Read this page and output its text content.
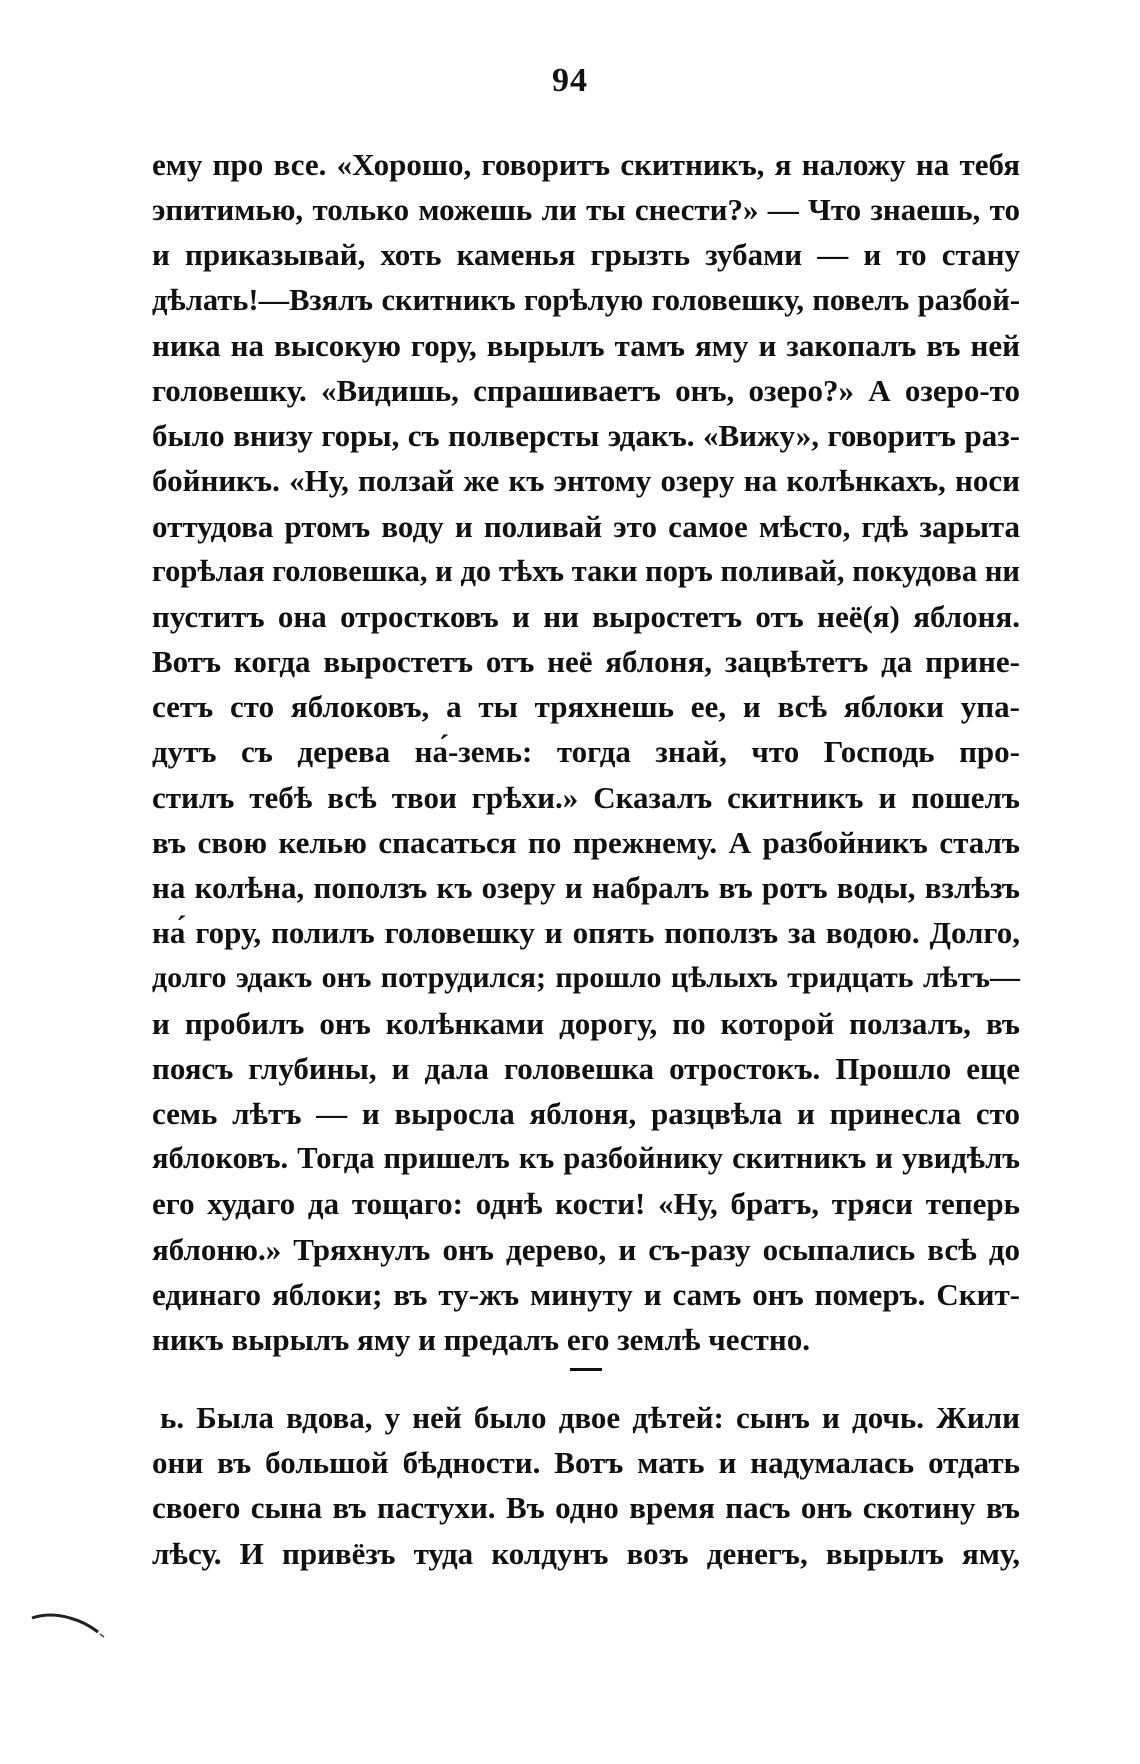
94
ему про все. «Хорошо, говоритъ скитникъ, я наложу на тебя
эпитимью, только можешь ли ты снести?» — Что знаешь, то
и приказывай, хоть каменья грызть зубами — и то стану
дѣлать!—Взялъ скитникъ горѣлую головешку, повелъ разбой-
ника на высокую гору, вырылъ тамъ яму и закопалъ въ ней
головешку. «Видишь, спрашиваетъ онъ, озеро?» А озеро-то
было внизу горы, съ полверсты эдакъ. «Вижу», говоритъ раз-
бойникъ. «Ну, ползай же къ энтому озеру на колѣнкахъ, носи
оттудова ртомъ воду и поливай это самое мѣсто, гдѣ зарыта
горѣлая головешка, и до тѣхъ таки поръ поливай, покудова ни
пуститъ она отростковъ и ни выростетъ отъ неё(я) яблоня.
Вотъ когда выростетъ отъ неё яблоня, зацвѣтетъ да прине-
сетъ сто яблоковъ, а ты тряхнешь ее, и всѣ яблоки упа-
дутъ съ дерева на́-земь: тогда знай, что Господь про-
стилъ тебѣ всѣ твои грѣхи.» Сказалъ скитникъ и пошелъ
въ свою келью спасаться по прежнему. А разбойникъ сталъ
на колѣна, поползъ къ озеру и набралъ въ ротъ воды, взлѣзъ
на́ гору, полилъ головешку и опять поползъ за водою. Долго,
долго эдакъ онъ потрудился; прошло цѣлыхъ тридцать лѣтъ—
и пробилъ онъ колѣнками дорогу, по которой ползалъ, въ
поясъ глубины, и дала головешка отростокъ. Прошло еще
семь лѣтъ — и выросла яблоня, разцвѣла и принесла сто
яблоковъ. Тогда пришелъ къ разбойнику скитникъ и увидѣлъ
его худаго да тощаго: однѣ кости! «Ну, братъ, тряси теперь
яблоню.» Тряхнулъ онъ дерево, и съ-разу осыпались всѣ до
единаго яблоки; въ ту-жъ минуту и самъ онъ померъ. Скит-
никъ вырылъ яму и предалъ его землѣ честно.
ь. Была вдова, у ней было двое дѣтей: сынъ и дочь. Жили
они въ большой бѣдности. Вотъ мать и надумалась отдать
своего сына въ пастухи. Въ одно время пасъ онъ скотину въ
лѣсу. И привёзъ туда колдунъ возъ денегъ, вырылъ яму,
